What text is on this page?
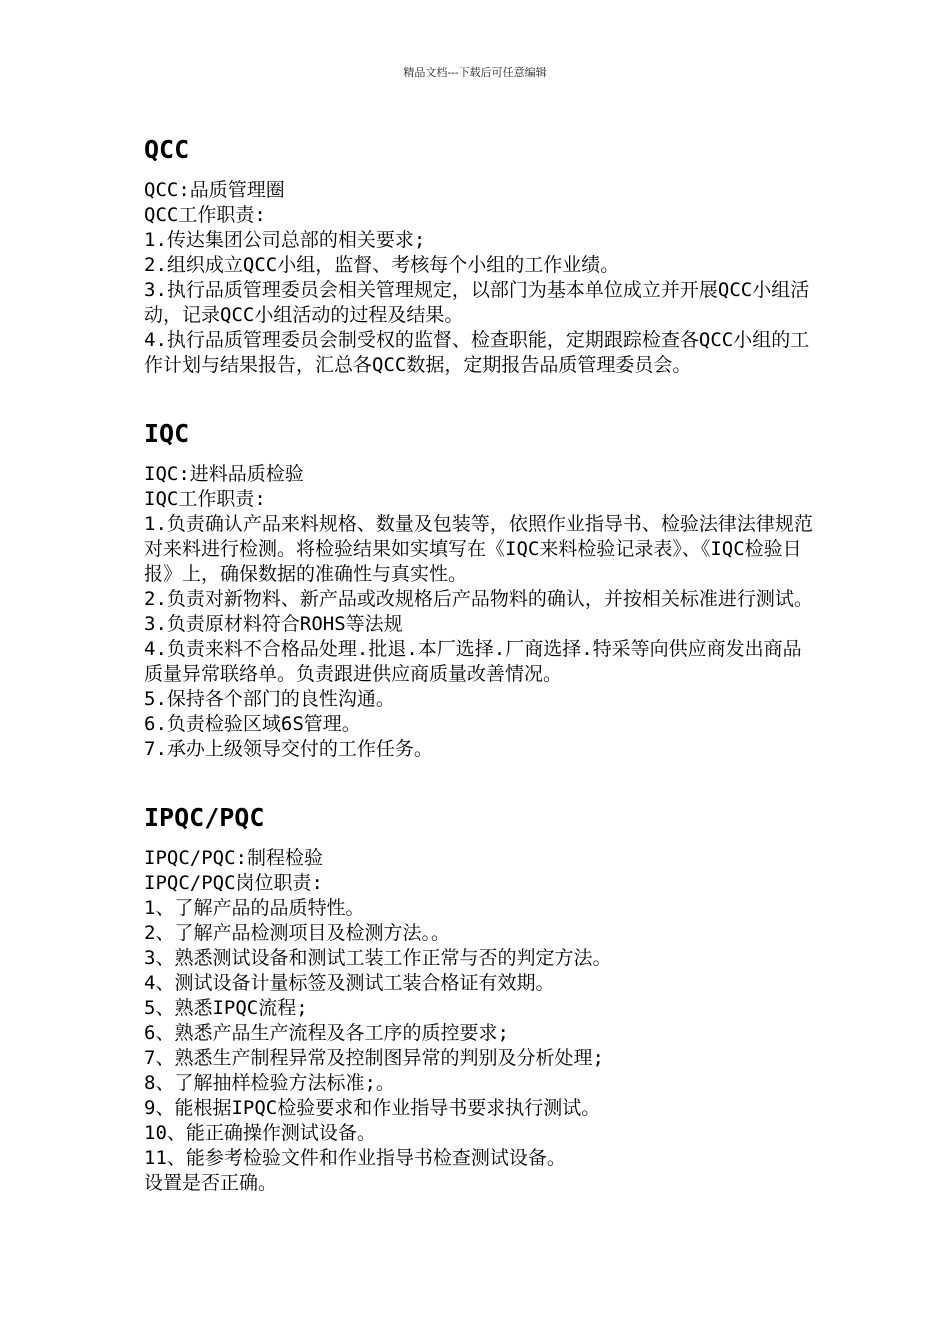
精品文档---下载后可任意编辑
QCC

QCC:品质管理圈

QCC工作职责:

1.传达集团公司总部的相关要求;

2.组织成立QCC小组，监督、考核每个小组的工作业绩。

3.执行品质管理委员会相关管理规定，以部门为基本单位成立并开展QCC小组活动，记录QCC小组活动的过程及结果。

4.执行品质管理委员会制受权的监督、检查职能，定期跟踪检查各QCC小组的工作计划与结果报告，汇总各QCC数据，定期报告品质管理委员会。

IQC

IQC:进料品质检验

IQC工作职责:

1.负责确认产品来料规格、数量及包装等，依照作业指导书、检验法律法律规范对来料进行检测。将检验结果如实填写在《IQC来料检验记录表》、《IQC检验日报》上，确保数据的准确性与真实性。

2.负责对新物料、新产品或改规格后产品物料的确认，并按相关标准进行测试。

3.负责原材料符合ROHS等法规

4.负责来料不合格品处理.批退.本厂选择.厂商选择.特采等向供应商发出商品质量异常联络单。负责跟进供应商质量改善情况。

5.保持各个部门的良性沟通。

6.负责检验区域6S管理。

7.承办上级领导交付的工作任务。

IPQC/PQC

IPQC/PQC:制程检验

IPQC/PQC岗位职责:

1、了解产品的品质特性。

2、了解产品检测项目及检测方法。。

3、熟悉测试设备和测试工装工作正常与否的判定方法。

4、测试设备计量标签及测试工装合格证有效期。

5、熟悉IPQC流程;

6、熟悉产品生产流程及各工序的质控要求;

7、熟悉生产制程异常及控制图异常的判别及分析处理;

8、了解抽样检验方法标准;。

9、能根据IPQC检验要求和作业指导书要求执行测试。

10、能正确操作测试设备。

11、能参考检验文件和作业指导书检查测试设备。

设置是否正确。
